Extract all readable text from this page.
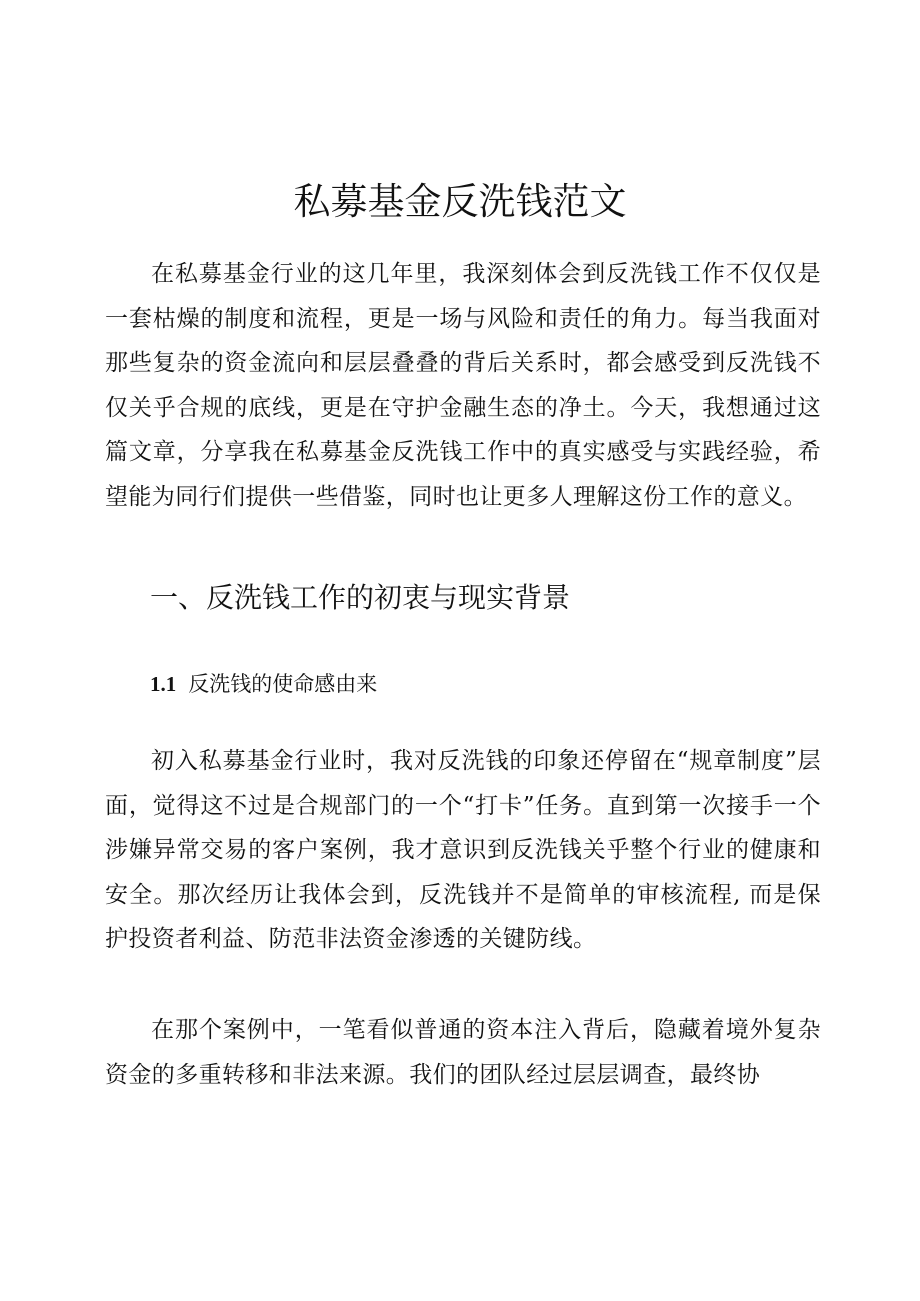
私募基金反洗钱范文

在私募基金行业的这几年里，我深刻体会到反洗钱工作不仅仅是一套枯燥的制度和流程，更是一场与风险和责任的角力。每当我面对那些复杂的资金流向和层层叠叠的背后关系时，都会感受到反洗钱不仅关乎合规的底线，更是在守护金融生态的净土。今天，我想通过这篇文章，分享我在私募基金反洗钱工作中的真实感受与实践经验，希望能为同行们提供一些借鉴，同时也让更多人理解这份工作的意义。

一、反洗钱工作的初衷与现实背景
1.1 反洗钱的使命感由来

初入私募基金行业时，我对反洗钱的印象还停留在“规章制度”层面，觉得这不过是合规部门的一个“打卡”任务。直到第一次接手一个涉嫌异常交易的客户案例，我才意识到反洗钱关乎整个行业的健康和安全。那次经历让我体会到，反洗钱并不是简单的审核流程, 而是保护投资者利益、防范非法资金渗透的关键防线。

在那个案例中，一笔看似普通的资本注入背后，隐藏着境外复杂资金的多重转移和非法来源。我们的团队经过层层调查，最终协
